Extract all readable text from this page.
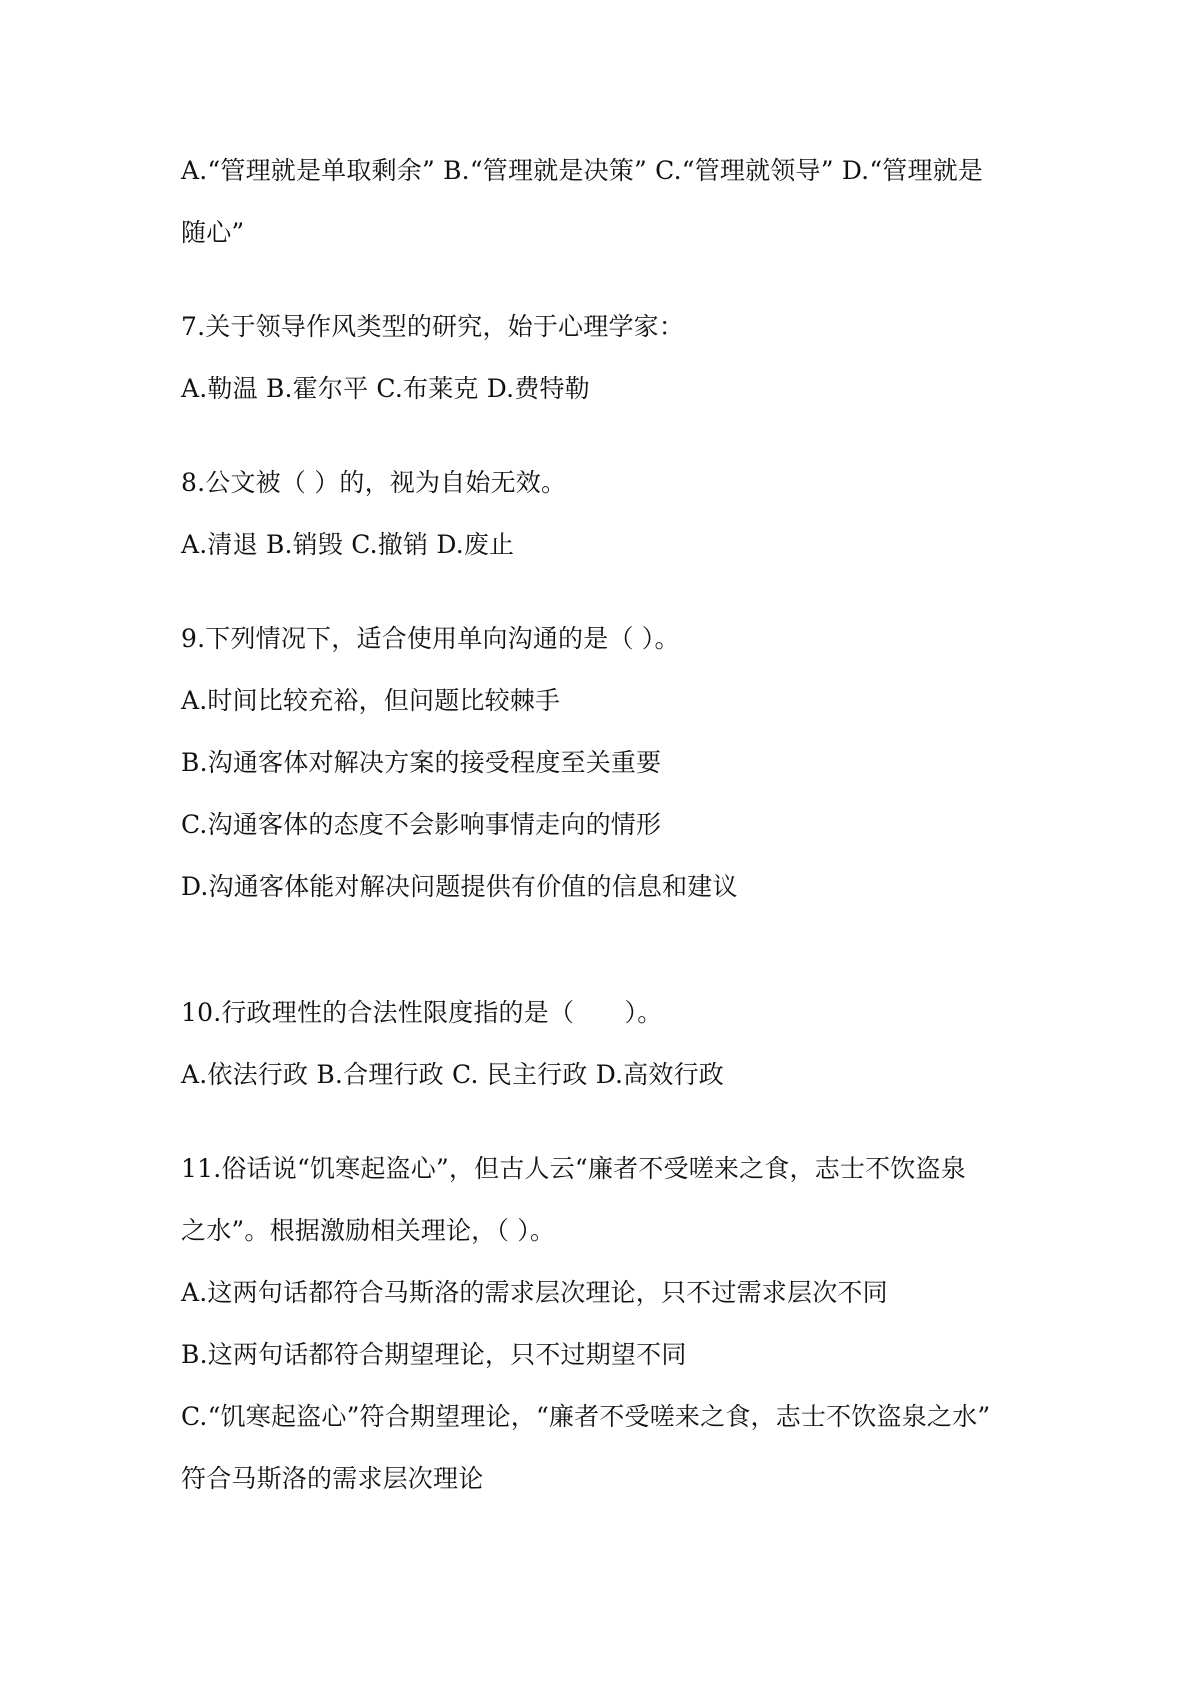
A.“管理就是单取剩余” B.“管理就是决策” C.“管理就领导” D.“管理就是
随心”
7.关于领导作风类型的研究，始于心理学家：
A.勒温 B.霍尔平 C.布莱克 D.费特勒
8.公文被（ ）的，视为自始无效。
A.清退 B.销毁 C.撤销 D.废止
9.下列情况下，适合使用单向沟通的是（ ）。
A.时间比较充裕，但问题比较棘手
B.沟通客体对解决方案的接受程度至关重要
C.沟通客体的态度不会影响事情走向的情形
D.沟通客体能对解决问题提供有价值的信息和建议
10.行政理性的合法性限度指的是（　　）。
A.依法行政 B.合理行政 C. 民主行政 D.高效行政
11.俗话说“饥寒起盗心”，但古人云“廉者不受嗟来之食，志士不饮盗泉
之水”。根据激励相关理论，（ ）。
A.这两句话都符合马斯洛的需求层次理论，只不过需求层次不同
B.这两句话都符合期望理论，只不过期望不同
C.“饥寒起盗心”符合期望理论，“廉者不受嗟来之食，志士不饮盗泉之水”
符合马斯洛的需求层次理论
